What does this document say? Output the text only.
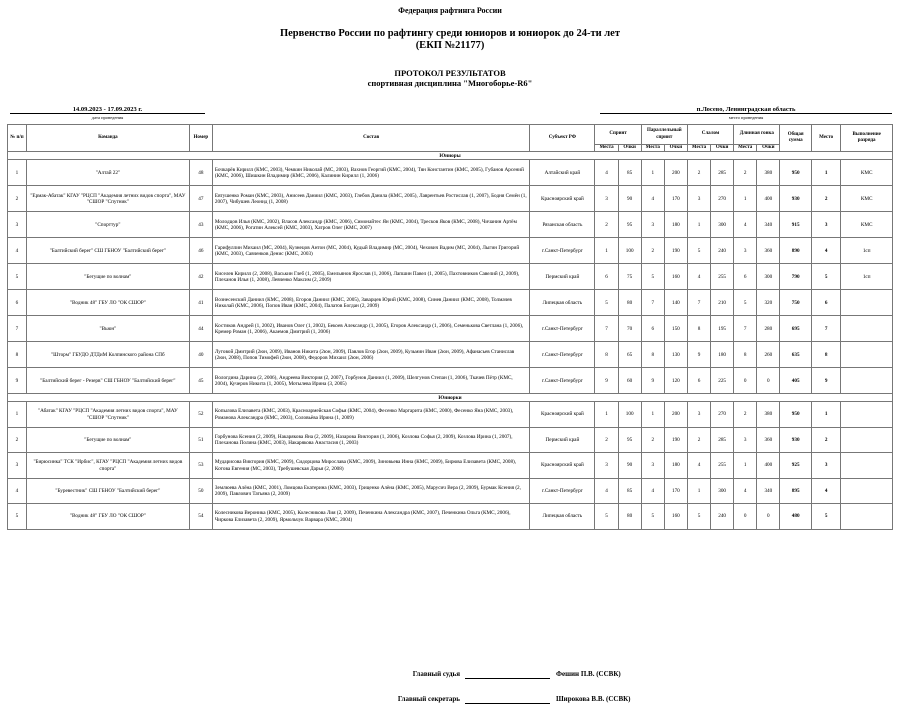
Федерация рафтинга России
Первенство России по рафтингу среди юниоров и юниорок до 24-ти лет
(ЕКП №21177)
ПРОТОКОЛ РЕЗУЛЬТАТОВ
спортивная дисциплина "Многоборье-R6"
14.09.2023 - 17.09.2023 г.
дата проведения
п.Лосево, Ленинградская область
место проведения
№ п/п	Команда	Номер	Состав	Субъект РФ	Спринт		Параллельный спринт		Слалом		Длинная гонка		Общая сумма	Место	Выполнение разряда
					Места	Очки	Места	Очки	Места	Очки	Места	Очки			
Юниоры															
1	"Алтай 22"	48	Бочкарёв Кирилл (КМС, 2003), Чемкин Николай (МС, 2003), Вахнов Георгий (КМС, 2004), Тян Константин (КМС, 2005), Губанов Арсений (КМС, 2006), Шишкин Владимир (КМС, 2006), Калинин Кирилл (1, 2006)	Алтайский край	4	85	1	200	2	285	2	380	950	1	КМС
2	"Ермак-Абатак" КГАУ "РЦСП "Академия летних видов спорта", МАУ "СШОР "Спутник"	47	Евтушенко Роман (КМС, 2003), Анисеев Даниил (КМС, 2003), Глебов Данила (КМС, 2005), Лаврентьев Ростислав (1, 2007), Бодня Семён (1, 2007), Чибушев Леонид (1, 2008)	Красноярский край	3	90	4	170	3	270	1	400	930	2	КМС
3	"Спорттур"	43	Молодцов Илья (КМС, 2002), Власов Александр (КМС, 2006), Симонайтес Ян (КМС, 2004), Тресков Яков (КМС, 2008), Чичанин Артём (КМС, 2006), Рогатин Алексей (КМС, 2003), Хатров Олег (КМС, 2007)	Рязанская область	2	95	3	180	1	300	4	340	915	3	КМС
4	"Балтийский берег" СШ ГБНОУ "Балтийский берег"	46	Гарифуллин Михаил (МС, 2004), Кузнецов Антон (МС, 2004), Кудый Владимир (МС, 2004), Чехович Вадим (МС, 2004), Лыгин Григорий (КМС, 2003), Савченков Денис (КМС, 2003)	г.Санкт-Петербург	1	100	2	190	5	240	3	360	890	4	1сп
5	"Бегущие по волнам"	42	Киселев Кирилл (2, 2008), Васькин Глеб (1, 2005), Емельянов Ярослав (1, 2006), Лапшин Павел (1, 2005), Пахтовников Савелий (2, 2009), Плеханов Илья (1, 2008), Левченко Максим (2, 2009)	Пермский край	6	75	5	160	4	255	6	300	790	5	1сп
6	"Водник 48" ГБУ ЛО "ОК СШОР"	41	Вознесенский Даниил (КМС, 2008), Егоров Даниил (КМС, 2005), Заварцев Юрий (КМС, 2008), Синев Даниил (КМС, 2008), Толмачев Николай (КМС, 2006), Попов Иван (КМС, 2004), Палатов Богдан (2, 2009)	Липецкая область	5	80	7	140	7	210	5	320	750	6	
7	"Вьюн"	44	Костиков Андрей (1, 2002), Иванов Олег (1, 2002), Бекоев Александр (1, 2005), Егоров Александр (1, 2006), Семенькова Светлана (1, 2006), Кремер Роман (1, 2006), Акаемов Дмитрий (1, 2006)	г.Санкт-Петербург	7	70	6	150	8	195	7	280	695	7	
8	"Шторм" ГБУДО ДТДиМ Колпинского района СПб	40	Луговой Дмитрий (2юн, 2009), Иванов Никита (2юн, 2009), Павлов Егор (2юн, 2009), Кузьмин Иван (2юн, 2009), Афанасьев Станислав (2юн, 2008), Попов Тимофей (2юн, 2008), Федоров Михаил (2юн, 2006)	г.Санкт-Петербург	8	65	8	130	9	180	8	260	635	8	
9	"Балтийский берег - Резерв" СШ ГБНОУ "Балтийский берег"	45	Вологдина Дарина (2, 2006), Андреева Виктория (2, 2007), Горбунов Даниил (1, 2009), Шелгунов Степан (1, 2006), Ткачев Пётр (КМС, 2004), Кучеров Никита (1, 2005), Мотылева Ирина (3, 2005)	г.Санкт-Петербург	9	60	9	120	6	225	0	0	405	9	
Юниорки															
1	"Абатак" КГАУ "РЦСП "Академия летних видов спорта", МАУ "СШОР "Спутник"	52	Копылова Елизавета (КМС, 2003), Красноармейская Софья (КМС, 2004), Фесенко Маргарита (КМС, 2000), Фесенко Яна (КМС, 2003), Романова Александра (КМС, 2003), Соловьёва Ирина (1, 2009)	Красноярский край	1	100	1	200	3	270	2	380	950	1	
2	"Бегущие по волнам"	51	Горбунова Ксения (2, 2009), Накарякова Яна (2, 2009), Назарова Виктория (1, 2006), Козлова Софья (2, 2009), Козлова Ирина (1, 2007), Плеханова Полина (КМС, 2003), Накарякова Анастасия (1, 2003)	Пермский край	2	95	2	190	2	285	3	360	930	2	
3	"Бирюсинка" ТСК "Ирбис", КГАУ "РЦСП "Академия летних видов спорта"	53	Мударисова Виктория (КМС, 2009), Сидорцова Мирослава (КМС, 2009), Зиновьева Инна (КМС, 2009), Бирюва Елизавета (КМС, 2008), Котова Евгения (МС, 2003), Требушевская Дарья (2, 2008)	Красноярский край	3	90	3	180	4	255	1	400	925	3	
4	"Буревестник" СШ ГБНОУ "Балтийский берег"	50	Землюева Алёна (КМС, 2001), Ломцова Екатерина (КМС, 2003), Гриценко Алёна (КМС, 2005), Марусич Вера (2, 2009), Бурмак Ксения (2, 2009), Павлович Татьяна (2, 2009)	г.Санкт-Петербург	4	85	4	170	1	300	4	340	895	4	
5	"Водник 48" ГБУ ЛО "ОК СШОР"	54	Колесникова Вероника (КМС, 2005), Колесникова Лия (2, 2009), Печенкина Александра (КМС, 2007), Печенкина Ольга (КМС, 2006), Чиркова Елизавета (2, 2009), Ярмольчук Варвара (КМС, 2004)	Липецкая область	5	80	5	160	5	240	0	0	480	5	
Главный судья	Фешин П.В. (ССВК)
Главный секретарь	Широкова В.В. (ССВК)
